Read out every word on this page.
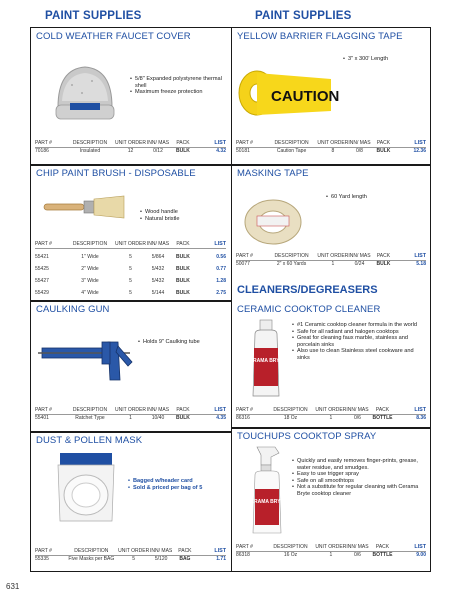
PAINT SUPPLIES	PAINT SUPPLIES
COLD WEATHER FAUCET COVER
• 5/8" Expanded polystyrene thermal shell
• Maximum freeze protection
PART #	DESCRIPTION	UNIT ORDER	INN/ MAS	PACK	LIST
70186	Insulated	12	0/12	BULK	4.32
YELLOW BARRIER FLAGGING TAPE
CAUTION
• 3" x 300' Length
PART #	DESCRIPTION	UNIT ORDER	INN/ MAS	PACK	LIST
50181	Caution Tape	8	0/8	BULK	12.36
CHIP PAINT BRUSH - DISPOSABLE
• Wood handle
• Natural bristle
PART #	DESCRIPTION	UNIT ORDER	INN/ MAS	PACK	LIST
55421	1" Wide	5	5/864	BULK	0.56
55425	2" Wide	5	5/432	BULK	0.77
55427	3" Wide	5	5/432	BULK	1.28
55429	4" Wide	5	5/144	BULK	2.75
MASKING TAPE
• 60 Yard length
PART #	DESCRIPTION	UNIT ORDER	INN/ MAS	PACK	LIST
50077	2" x 60 Yards	1	0/24	BULK	5.18
CLEANERS/DEGREASERS
CAULKING GUN
• Holds 9" Caulking tube
PART #	DESCRIPTION	UNIT ORDER	INN/ MAS	PACK	LIST
55401	Ratchet Type	1	10/40	BULK	4.35
CERAMIC COOKTOP CLEANER
CERAMA BRYTE
• #1 Ceramic cooktop cleaner formula in the world
• Safe for all radiant and halogen cooktops
• Great for cleaning faux marble, stainless and porcelain sinks
• Also use to clean Stainless steel cookware and sinks
PART #	DESCRIPTION	UNIT ORDER	INN/ MAS	PACK	LIST
86316	18 Oz	1	0/6	BOTTLE	8.36
DUST & POLLEN MASK
• Bagged w/header card
• Sold & priced per bag of 5
PART #	DESCRIPTION	UNIT ORDER	INN/ MAS	PACK	LIST
55335	Five Masks per BAG	5	5/120	BAG	1.71
TOUCHUPS COOKTOP SPRAY
CERAMA BRYTE
• Quickly and easily removes finger-prints, grease, water residue, and smudges.
• Easy to use trigger spray
• Safe on all smoothtops
• Not a substitute for regular cleaning with Cerama Bryte cooktop cleaner
PART #	DESCRIPTION	UNIT ORDER	INN/ MAS	PACK	LIST
86318	16 Oz	1	0/6	BOTTLE	9.00
631
